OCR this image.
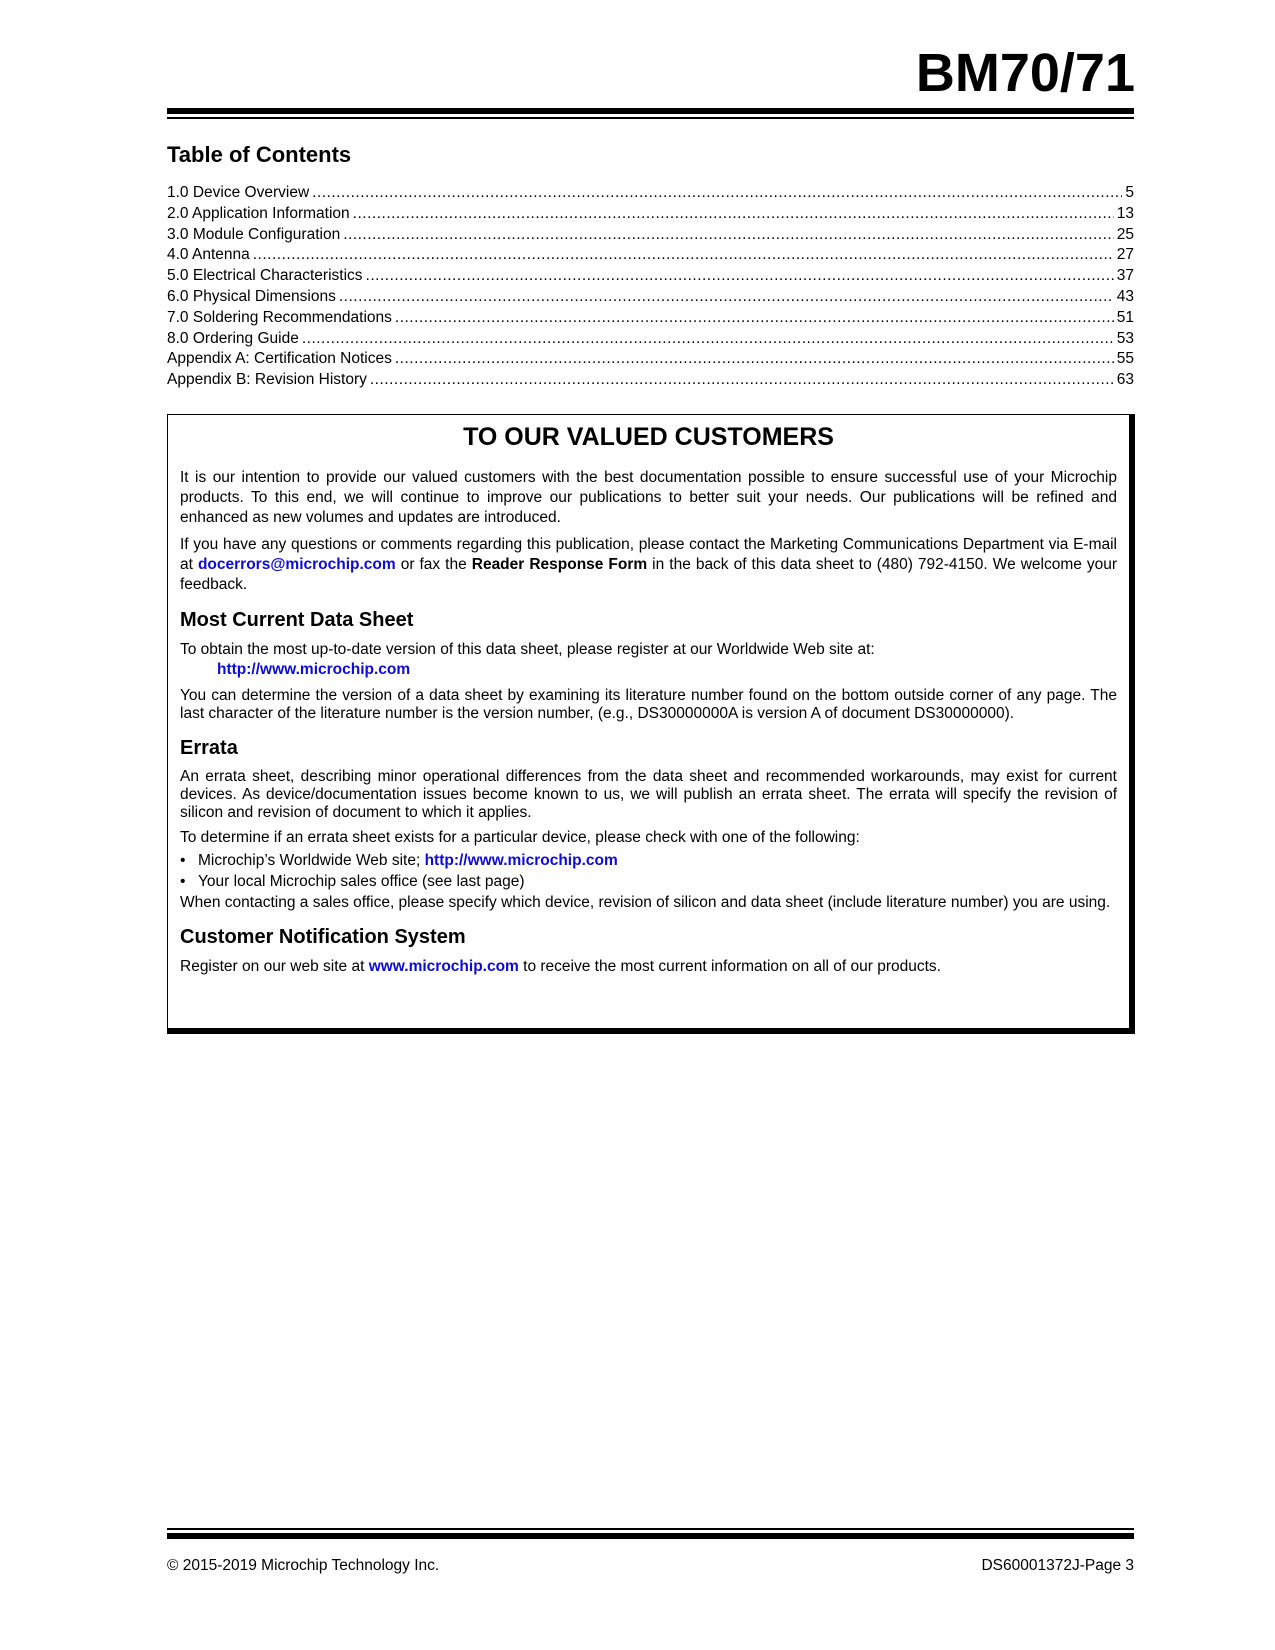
BM70/71
Table of Contents
1.0 Device Overview .....	5
2.0 Application Information .....	13
3.0 Module Configuration .....	25
4.0 Antenna .....	27
5.0 Electrical Characteristics .....	37
6.0 Physical Dimensions .....	43
7.0 Soldering Recommendations .....	51
8.0 Ordering Guide .....	53
Appendix A: Certification Notices .....	55
Appendix B: Revision History .....	63
TO OUR VALUED CUSTOMERS

It is our intention to provide our valued customers with the best documentation possible to ensure successful use of your Microchip products. To this end, we will continue to improve our publications to better suit your needs. Our publications will be refined and enhanced as new volumes and updates are introduced.

If you have any questions or comments regarding this publication, please contact the Marketing Communications Department via E-mail at docerrors@microchip.com or fax the Reader Response Form in the back of this data sheet to (480) 792-4150. We welcome your feedback.

Most Current Data Sheet

To obtain the most up-to-date version of this data sheet, please register at our Worldwide Web site at:

http://www.microchip.com

You can determine the version of a data sheet by examining its literature number found on the bottom outside corner of any page. The last character of the literature number is the version number, (e.g., DS30000000A is version A of document DS30000000).

Errata

An errata sheet, describing minor operational differences from the data sheet and recommended workarounds, may exist for current devices. As device/documentation issues become known to us, we will publish an errata sheet. The errata will specify the revision of silicon and revision of document to which it applies.

To determine if an errata sheet exists for a particular device, please check with one of the following:

• Microchip’s Worldwide Web site; http://www.microchip.com
• Your local Microchip sales office (see last page)

When contacting a sales office, please specify which device, revision of silicon and data sheet (include literature number) you are using.

Customer Notification System

Register on our web site at www.microchip.com to receive the most current information on all of our products.

© 2015-2019 Microchip Technology Inc.	DS60001372J-Page 3
